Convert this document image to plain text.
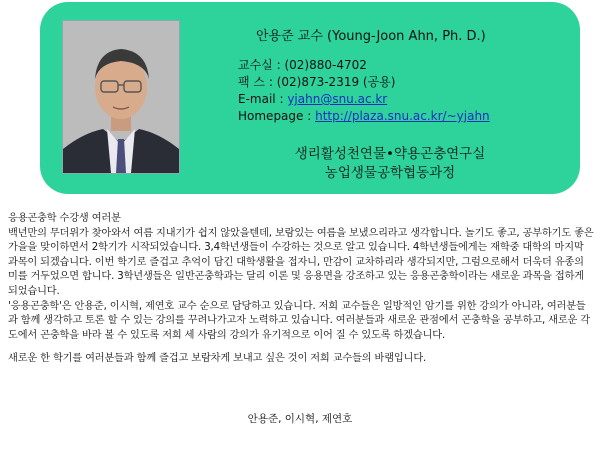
안용준 교수 (Young-Joon Ahn, Ph. D.)
교수실 : (02)880-4702
팩 스 : (02)873-2319 (공용)
E-mail : yjahn@snu.ac.kr
Homepage : http://plaza.snu.ac.kr/~yjahn
생리활성천연물•약용곤충연구실
농업생물공학협동과정

응용곤충학 수강생 여러분

백년만의 무더위가 찾아와서 여름 지내기가 쉽지 않았을텐데, 보람있는 여름을 보냈으리라고 생각합니다. 놀기도 좋고, 공부하기도 좋은 가을을 맞이하면서 2학기가 시작되었습니다. 3,4학년생들이 수강하는 것으로 알고 있습니다. 4학년생들에게는 재학중 대학의 마지막 과목이 되겠습니다. 이번 학기로 즐겁고 추억이 담긴 대학생활을 접자니, 만감이 교차하리라 생각되지만, 그럼으로해서 더욱더 유종의 미를 거두었으면 합니다. 3학년생들은 일반곤충학과는 달리 이론 및 응용면을 강조하고 있는 응용곤충학이라는 새로운 과목을 접하게 되었습니다.

'응용곤충학'은 안용준, 이시혁, 제연호 교수 순으로 담당하고 있습니다. 저희 교수들은 일방적인 암기를 위한 강의가 아니라, 여러분들과 함께 생각하고 토론 할 수 있는 강의를 꾸려나가고자 노력하고 있습니다. 여러분들과 새로운 관점에서 곤충학을 공부하고, 새로운 각도에서 곤충학을 바라 볼 수 있도록 저희 세 사람의 강의가 유기적으로 이어 질 수 있도록 하겠습니다.

새로운 한 학기를 여러분들과 함께 즐겁고 보람차게 보내고 싶은 것이 저희 교수들의 바램입니다.

안용준, 이시혁, 제연호
